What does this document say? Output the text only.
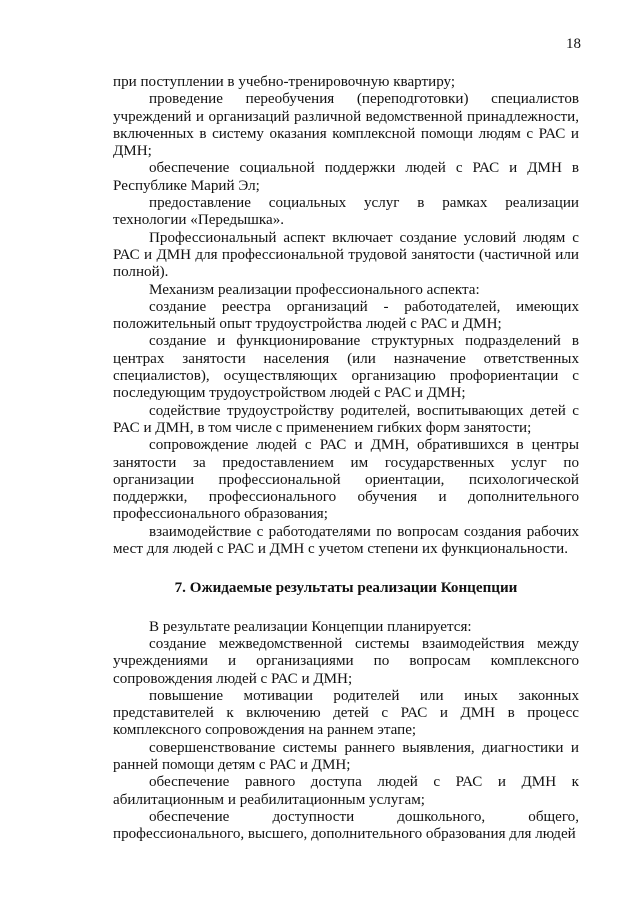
18

при поступлении в учебно-тренировочную квартиру;

проведение переобучения (переподготовки) специалистов учреждений и организаций различной ведомственной принадлежности, включенных в систему оказания комплексной помощи людям с РАС и ДМН;

обеспечение социальной поддержки людей с РАС и ДМН в Республике Марий Эл;

предоставление социальных услуг в рамках реализации технологии «Передышка».

Профессиональный аспект включает создание условий людям с РАС и ДМН для профессиональной трудовой занятости (частичной или полной).

Механизм реализации профессионального аспекта:

создание реестра организаций - работодателей, имеющих положительный опыт трудоустройства людей с РАС и ДМН;

создание и функционирование структурных подразделений в центрах занятости населения (или назначение ответственных специалистов), осуществляющих организацию профориентации с последующим трудоустройством людей с РАС и ДМН;

содействие трудоустройству родителей, воспитывающих детей с РАС и ДМН, в том числе с применением гибких форм занятости;

сопровождение людей с РАС и ДМН, обратившихся в центры занятости за предоставлением им государственных услуг по организации профессиональной ориентации, психологической поддержки, профессионального обучения и дополнительного профессионального образования;

взаимодействие с работодателями по вопросам создания рабочих мест для людей с РАС и ДМН с учетом степени их функциональности.

7. Ожидаемые результаты реализации Концепции

В результате реализации Концепции планируется:

создание межведомственной системы взаимодействия между учреждениями и организациями по вопросам комплексного сопровождения людей с РАС и ДМН;

повышение мотивации родителей или иных законных представителей к включению детей с РАС и ДМН в процесс комплексного сопровождения на раннем этапе;

совершенствование системы раннего выявления, диагностики и ранней помощи детям с РАС и ДМН;

обеспечение равного доступа людей с РАС и ДМН к абилитационным и реабилитационным услугам;

обеспечение доступности дошкольного, общего, профессионального, высшего, дополнительного образования для людей
